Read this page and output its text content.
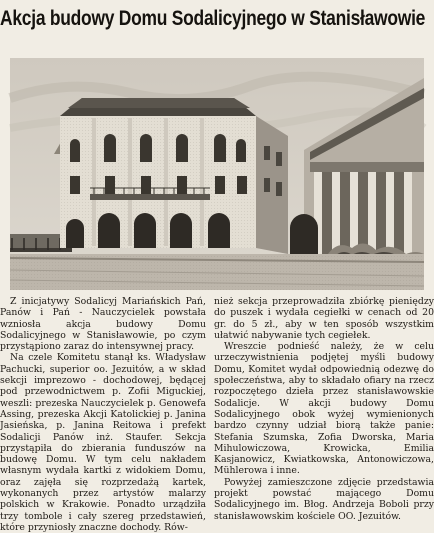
Akcja budowy Domu Sodalicyjnego w Stanisławowie

Z inicjatywy Sodalicyj Mariańskich Pań, Panów i Pań - Nauczycielek powstała wzniosła akcja budowy Domu Sodalicyjnego w Stanisławowie, po czym przystąpiono zaraz do intensywnej pracy.

Na czele Komitetu stanął ks. Władysław Pachucki, superior oo. Jezuitów, a w skład sekcji imprezowo - dochodowej, będącej pod przewodnictwem p. Zofii Miguckiej, weszli: prezeska Nauczycielek p. Genowefa Assing, prezeska Akcji Katolickiej p. Janina Jasieńska, p. Janina Reitowa i prefekt Sodalicji Panów inż. Staufer. Sekcja przystąpiła do zbierania funduszów na budowę Domu. W tym celu nakładem własnym wydała kartki z widokiem Domu, oraz zajęła się rozprzedażą kartek, wykonanych przez artystów malarzy polskich w Krakowie. Ponadto urządziła trzy tombole i cały szereg przedstawień, które przyniosły znaczne dochody. Rów-

nież sekcja przeprowadziła zbiórkę pieniędzy do puszek i wydała cegiełki w cenach od 20 gr. do 5 zł., aby w ten sposób wszystkim ułatwić nabywanie tych cegiełek.

Wreszcie podnieść należy, że w celu urzeczywistnienia podjętej myśli budowy Domu, Komitet wydał odpowiednią odezwę do społeczeństwa, aby to składało ofiary na rzecz rozpoczętego dzieła przez stanisławowskie Sodalicje. W akcji budowy Domu Sodalicyjnego obok wyżej wymienionych bardzo czynny udział biorą także panie: Stefania Szumska, Zofia Dworska, Maria Mihulowiczowa, Krowicka, Emilia Kasjanowicz, Kwiatkowska, Antonowiczowa, Mühlerowa i inne.

Powyżej zamieszczone zdjęcie przedstawia projekt powstać mającego Domu Sodalicyjnego im. Błog. Andrzeja Boboli przy stanisławowskim kościele OO. Jezuitów.
